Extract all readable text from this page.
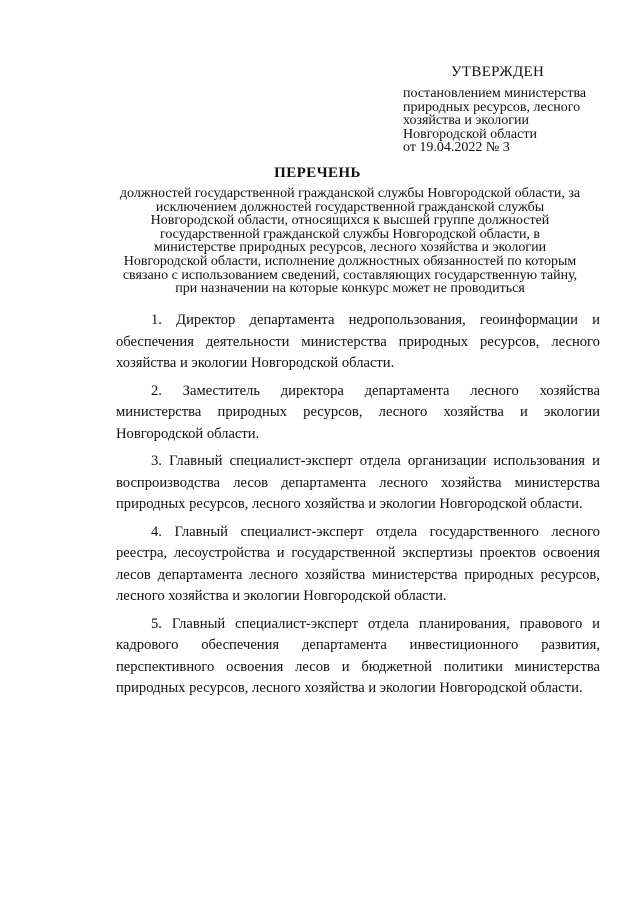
УТВЕРЖДЕН
постановлением министерства
природных ресурсов, лесного
хозяйства и экологии
Новгородской области
от 19.04.2022 № 3
ПЕРЕЧЕНЬ
должностей государственной гражданской службы Новгородской области, за
исключением должностей государственной гражданской службы
Новгородской области, относящихся к высшей группе должностей
государственной гражданской службы Новгородской области, в
министерстве природных ресурсов, лесного хозяйства и экологии
Новгородской области, исполнение должностных обязанностей по которым
связано с использованием сведений, составляющих государственную тайну,
при назначении на которые конкурс может не проводиться
1. Директор департамента недропользования, геоинформации и
обеспечения деятельности министерства природных ресурсов, лесного
хозяйства и экологии Новгородской области.
2. Заместитель директора департамента лесного хозяйства
министерства природных ресурсов, лесного хозяйства и экологии
Новгородской области.
3. Главный специалист-эксперт отдела организации использования и
воспроизводства лесов департамента лесного хозяйства министерства
природных ресурсов, лесного хозяйства и экологии Новгородской области.
4. Главный специалист-эксперт отдела государственного лесного
реестра, лесоустройства и государственной экспертизы проектов освоения
лесов департамента лесного хозяйства министерства природных ресурсов,
лесного хозяйства и экологии Новгородской области.
5. Главный специалист-эксперт отдела планирования, правового и
кадрового обеспечения департамента инвестиционного развития,
перспективного освоения лесов и бюджетной политики министерства
природных ресурсов, лесного хозяйства и экологии Новгородской области.
